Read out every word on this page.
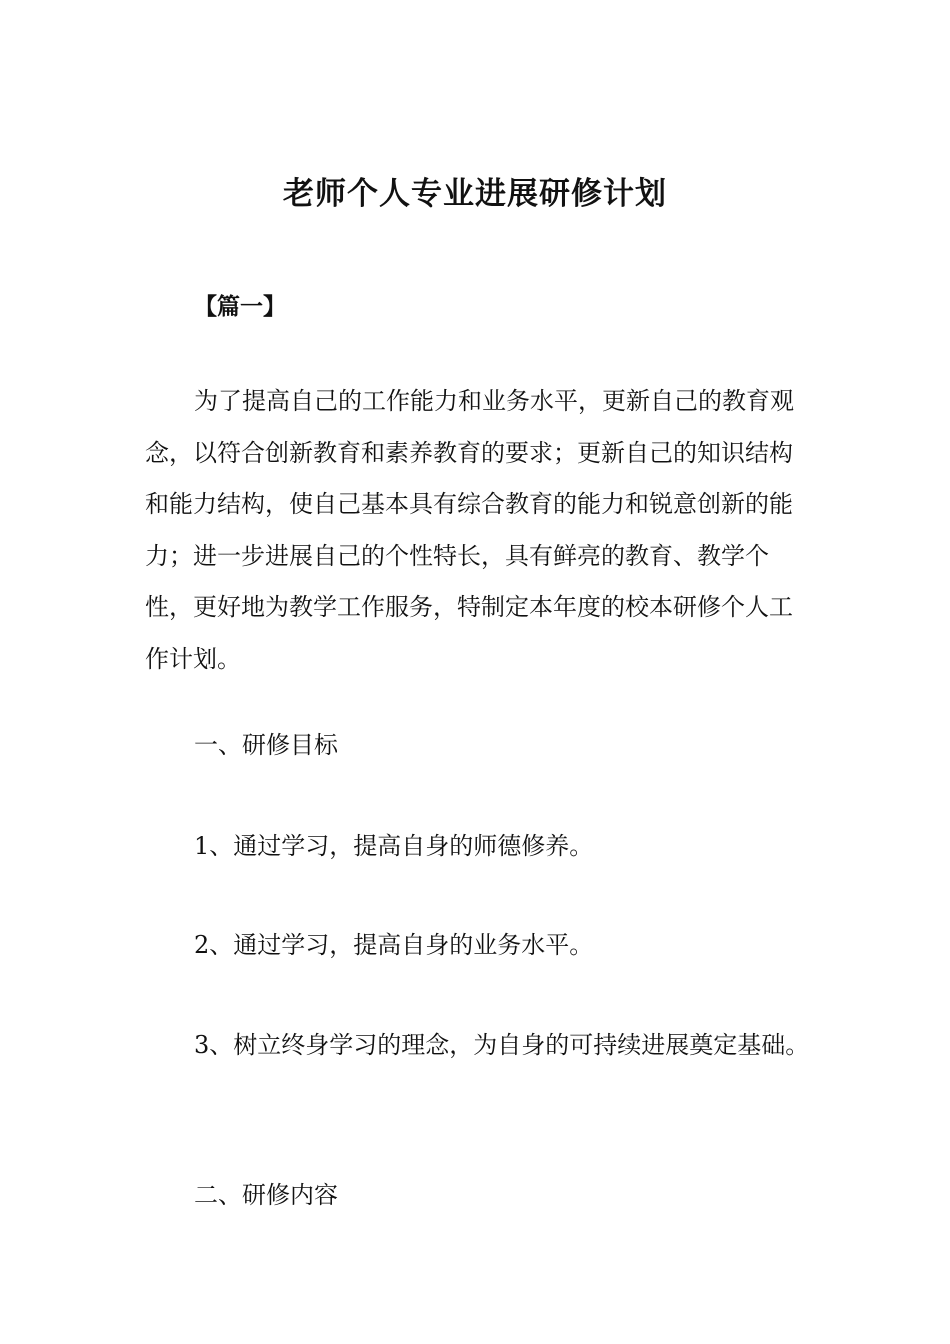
老师个人专业进展研修计划

【篇一】

为了提高自己的工作能力和业务水平，更新自己的教育观念，以符合创新教育和素养教育的要求；更新自己的知识结构和能力结构，使自己基本具有综合教育的能力和锐意创新的能力；进一步进展自己的个性特长，具有鲜亮的教育、教学个性，更好地为教学工作服务，特制定本年度的校本研修个人工作计划。

一、研修目标

1、通过学习，提高自身的师德修养。

2、通过学习，提高自身的业务水平。

3、树立终身学习的理念，为自身的可持续进展奠定基础。

二、研修内容
